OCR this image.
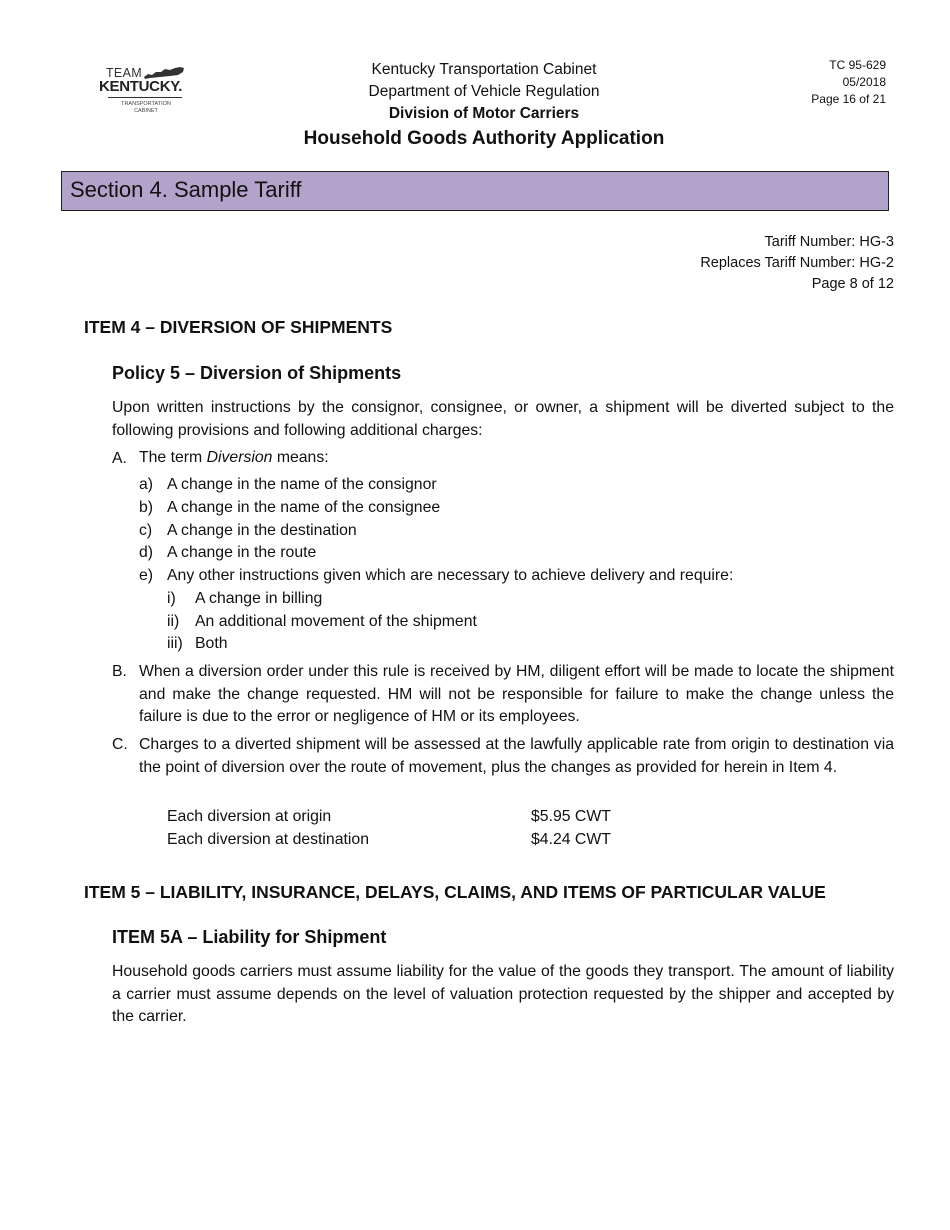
TEAM
KENTUCKY.
TRANSPORTATION
CABINET
Kentucky Transportation Cabinet
Department of Vehicle Regulation
Division of Motor Carriers
Household Goods Authority Application
TC 95-629
05/2018
Page 16 of 21
Section 4. Sample Tariff
Tariff Number: HG-3
Replaces Tariff Number: HG-2
Page 8 of 12
ITEM 4 – DIVERSION OF SHIPMENTS
Policy 5 – Diversion of Shipments
Upon written instructions by the consignor, consignee, or owner, a shipment will be diverted subject to the following provisions and following additional charges:
A. The term Diversion means:
a) A change in the name of the consignor
b) A change in the name of the consignee
c) A change in the destination
d) A change in the route
e) Any other instructions given which are necessary to achieve delivery and require:
i) A change in billing
ii) An additional movement of the shipment
iii) Both
B. When a diversion order under this rule is received by HM, diligent effort will be made to locate the shipment and make the change requested. HM will not be responsible for failure to make the change unless the failure is due to the error or negligence of HM or its employees.
C. Charges to a diverted shipment will be assessed at the lawfully applicable rate from origin to destination via the point of diversion over the route of movement, plus the changes as provided for herein in Item 4.
Each diversion at origin	$5.95 CWT
Each diversion at destination	$4.24 CWT
ITEM 5 – LIABILITY, INSURANCE, DELAYS, CLAIMS, AND ITEMS OF PARTICULAR VALUE
ITEM 5A – Liability for Shipment
Household goods carriers must assume liability for the value of the goods they transport. The amount of liability a carrier must assume depends on the level of valuation protection requested by the shipper and accepted by the carrier.
